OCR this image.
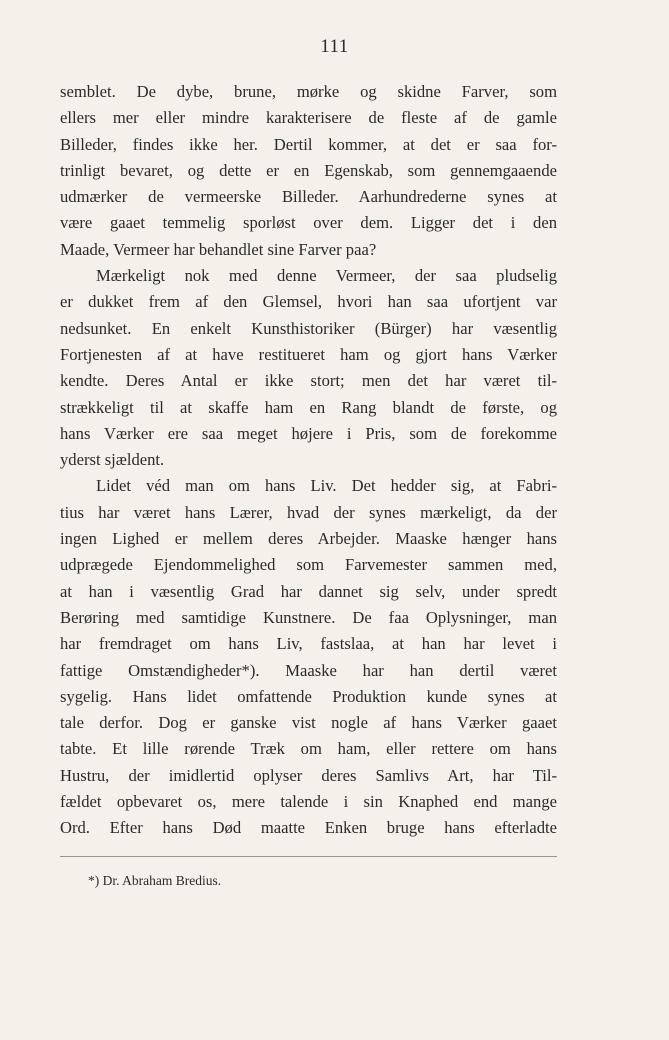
111
semblet. De dybe, brune, mørke og skidne Farver, som
ellers mer eller mindre karakterisere de fleste af de gamle
Billeder, findes ikke her. Dertil kommer, at det er saa for-
trinligt bevaret, og dette er en Egenskab, som gennemgaaende
udmærker de vermeerske Billeder. Aarhundrederne synes at
være gaaet temmelig sporløst over dem. Ligger det i den
Maade, Vermeer har behandlet sine Farver paa?
Mærkeligt nok med denne Vermeer, der saa pludselig
er dukket frem af den Glemsel, hvori han saa ufortjent var
nedsunket. En enkelt Kunsthistoriker (Bürger) har væsentlig
Fortjenesten af at have restitueret ham og gjort hans Værker
kendte. Deres Antal er ikke stort; men det har været til-
strækkeligt til at skaffe ham en Rang blandt de første, og
hans Værker ere saa meget højere i Pris, som de forekomme
yderst sjældent.
Lidet véd man om hans Liv. Det hedder sig, at Fabri-
tius har været hans Lærer, hvad der synes mærkeligt, da der
ingen Lighed er mellem deres Arbejder. Maaske hænger hans
udprægede Ejendommelighed som Farvemester sammen med,
at han i væsentlig Grad har dannet sig selv, under spredt
Berøring med samtidige Kunstnere. De faa Oplysninger, man
har fremdraget om hans Liv, fastslaa, at han har levet i
fattige Omstændigheder*). Maaske har han dertil været
sygelig. Hans lidet omfattende Produktion kunde synes at
tale derfor. Dog er ganske vist nogle af hans Værker gaaet
tabte. Et lille rørende Træk om ham, eller rettere om hans
Hustru, der imidlertid oplyser deres Samlivs Art, har Til-
fældet opbevaret os, mere talende i sin Knaphed end mange
Ord. Efter hans Død maatte Enken bruge hans efterladte
*) Dr. Abraham Bredius.
